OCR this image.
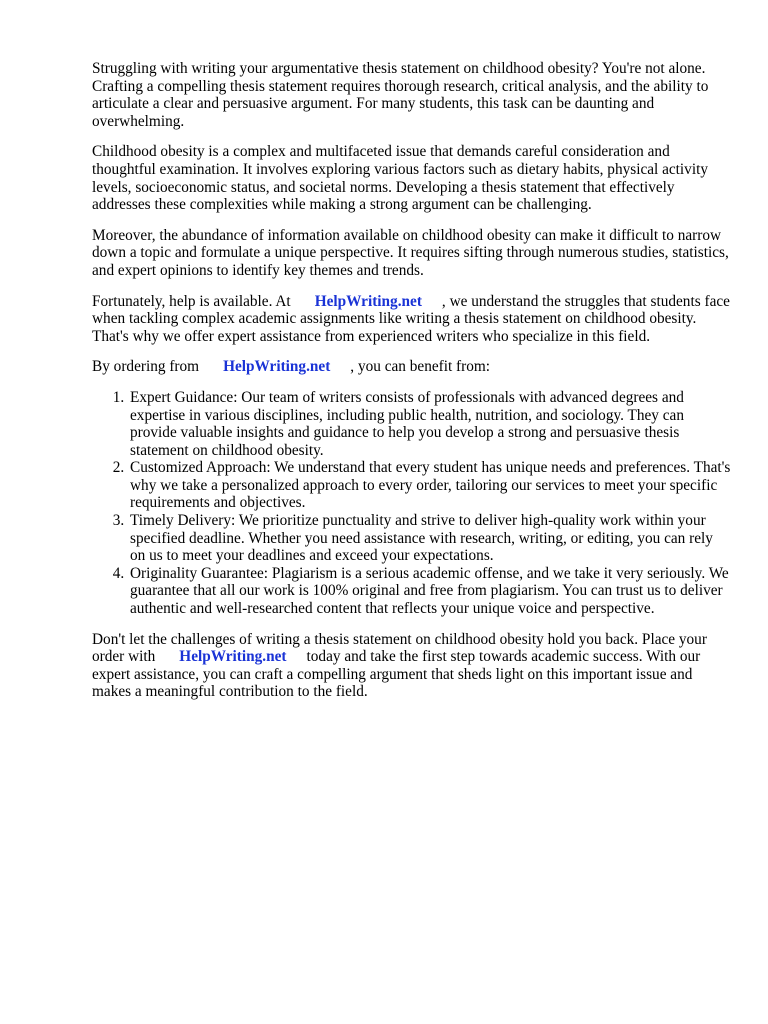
Struggling with writing your argumentative thesis statement on childhood obesity? You're not alone. Crafting a compelling thesis statement requires thorough research, critical analysis, and the ability to articulate a clear and persuasive argument. For many students, this task can be daunting and overwhelming.

Childhood obesity is a complex and multifaceted issue that demands careful consideration and thoughtful examination. It involves exploring various factors such as dietary habits, physical activity levels, socioeconomic status, and societal norms. Developing a thesis statement that effectively addresses these complexities while making a strong argument can be challenging.

Moreover, the abundance of information available on childhood obesity can make it difficult to narrow down a topic and formulate a unique perspective. It requires sifting through numerous studies, statistics, and expert opinions to identify key themes and trends.

Fortunately, help is available. At HelpWriting.net , we understand the struggles that students face when tackling complex academic assignments like writing a thesis statement on childhood obesity. That's why we offer expert assistance from experienced writers who specialize in this field.

By ordering from HelpWriting.net , you can benefit from:

1. Expert Guidance: Our team of writers consists of professionals with advanced degrees and expertise in various disciplines, including public health, nutrition, and sociology. They can provide valuable insights and guidance to help you develop a strong and persuasive thesis statement on childhood obesity.
2. Customized Approach: We understand that every student has unique needs and preferences. That's why we take a personalized approach to every order, tailoring our services to meet your specific requirements and objectives.
3. Timely Delivery: We prioritize punctuality and strive to deliver high-quality work within your specified deadline. Whether you need assistance with research, writing, or editing, you can rely on us to meet your deadlines and exceed your expectations.
4. Originality Guarantee: Plagiarism is a serious academic offense, and we take it very seriously. We guarantee that all our work is 100% original and free from plagiarism. You can trust us to deliver authentic and well-researched content that reflects your unique voice and perspective.

Don't let the challenges of writing a thesis statement on childhood obesity hold you back. Place your order with HelpWriting.net today and take the first step towards academic success. With our expert assistance, you can craft a compelling argument that sheds light on this important issue and makes a meaningful contribution to the field.
